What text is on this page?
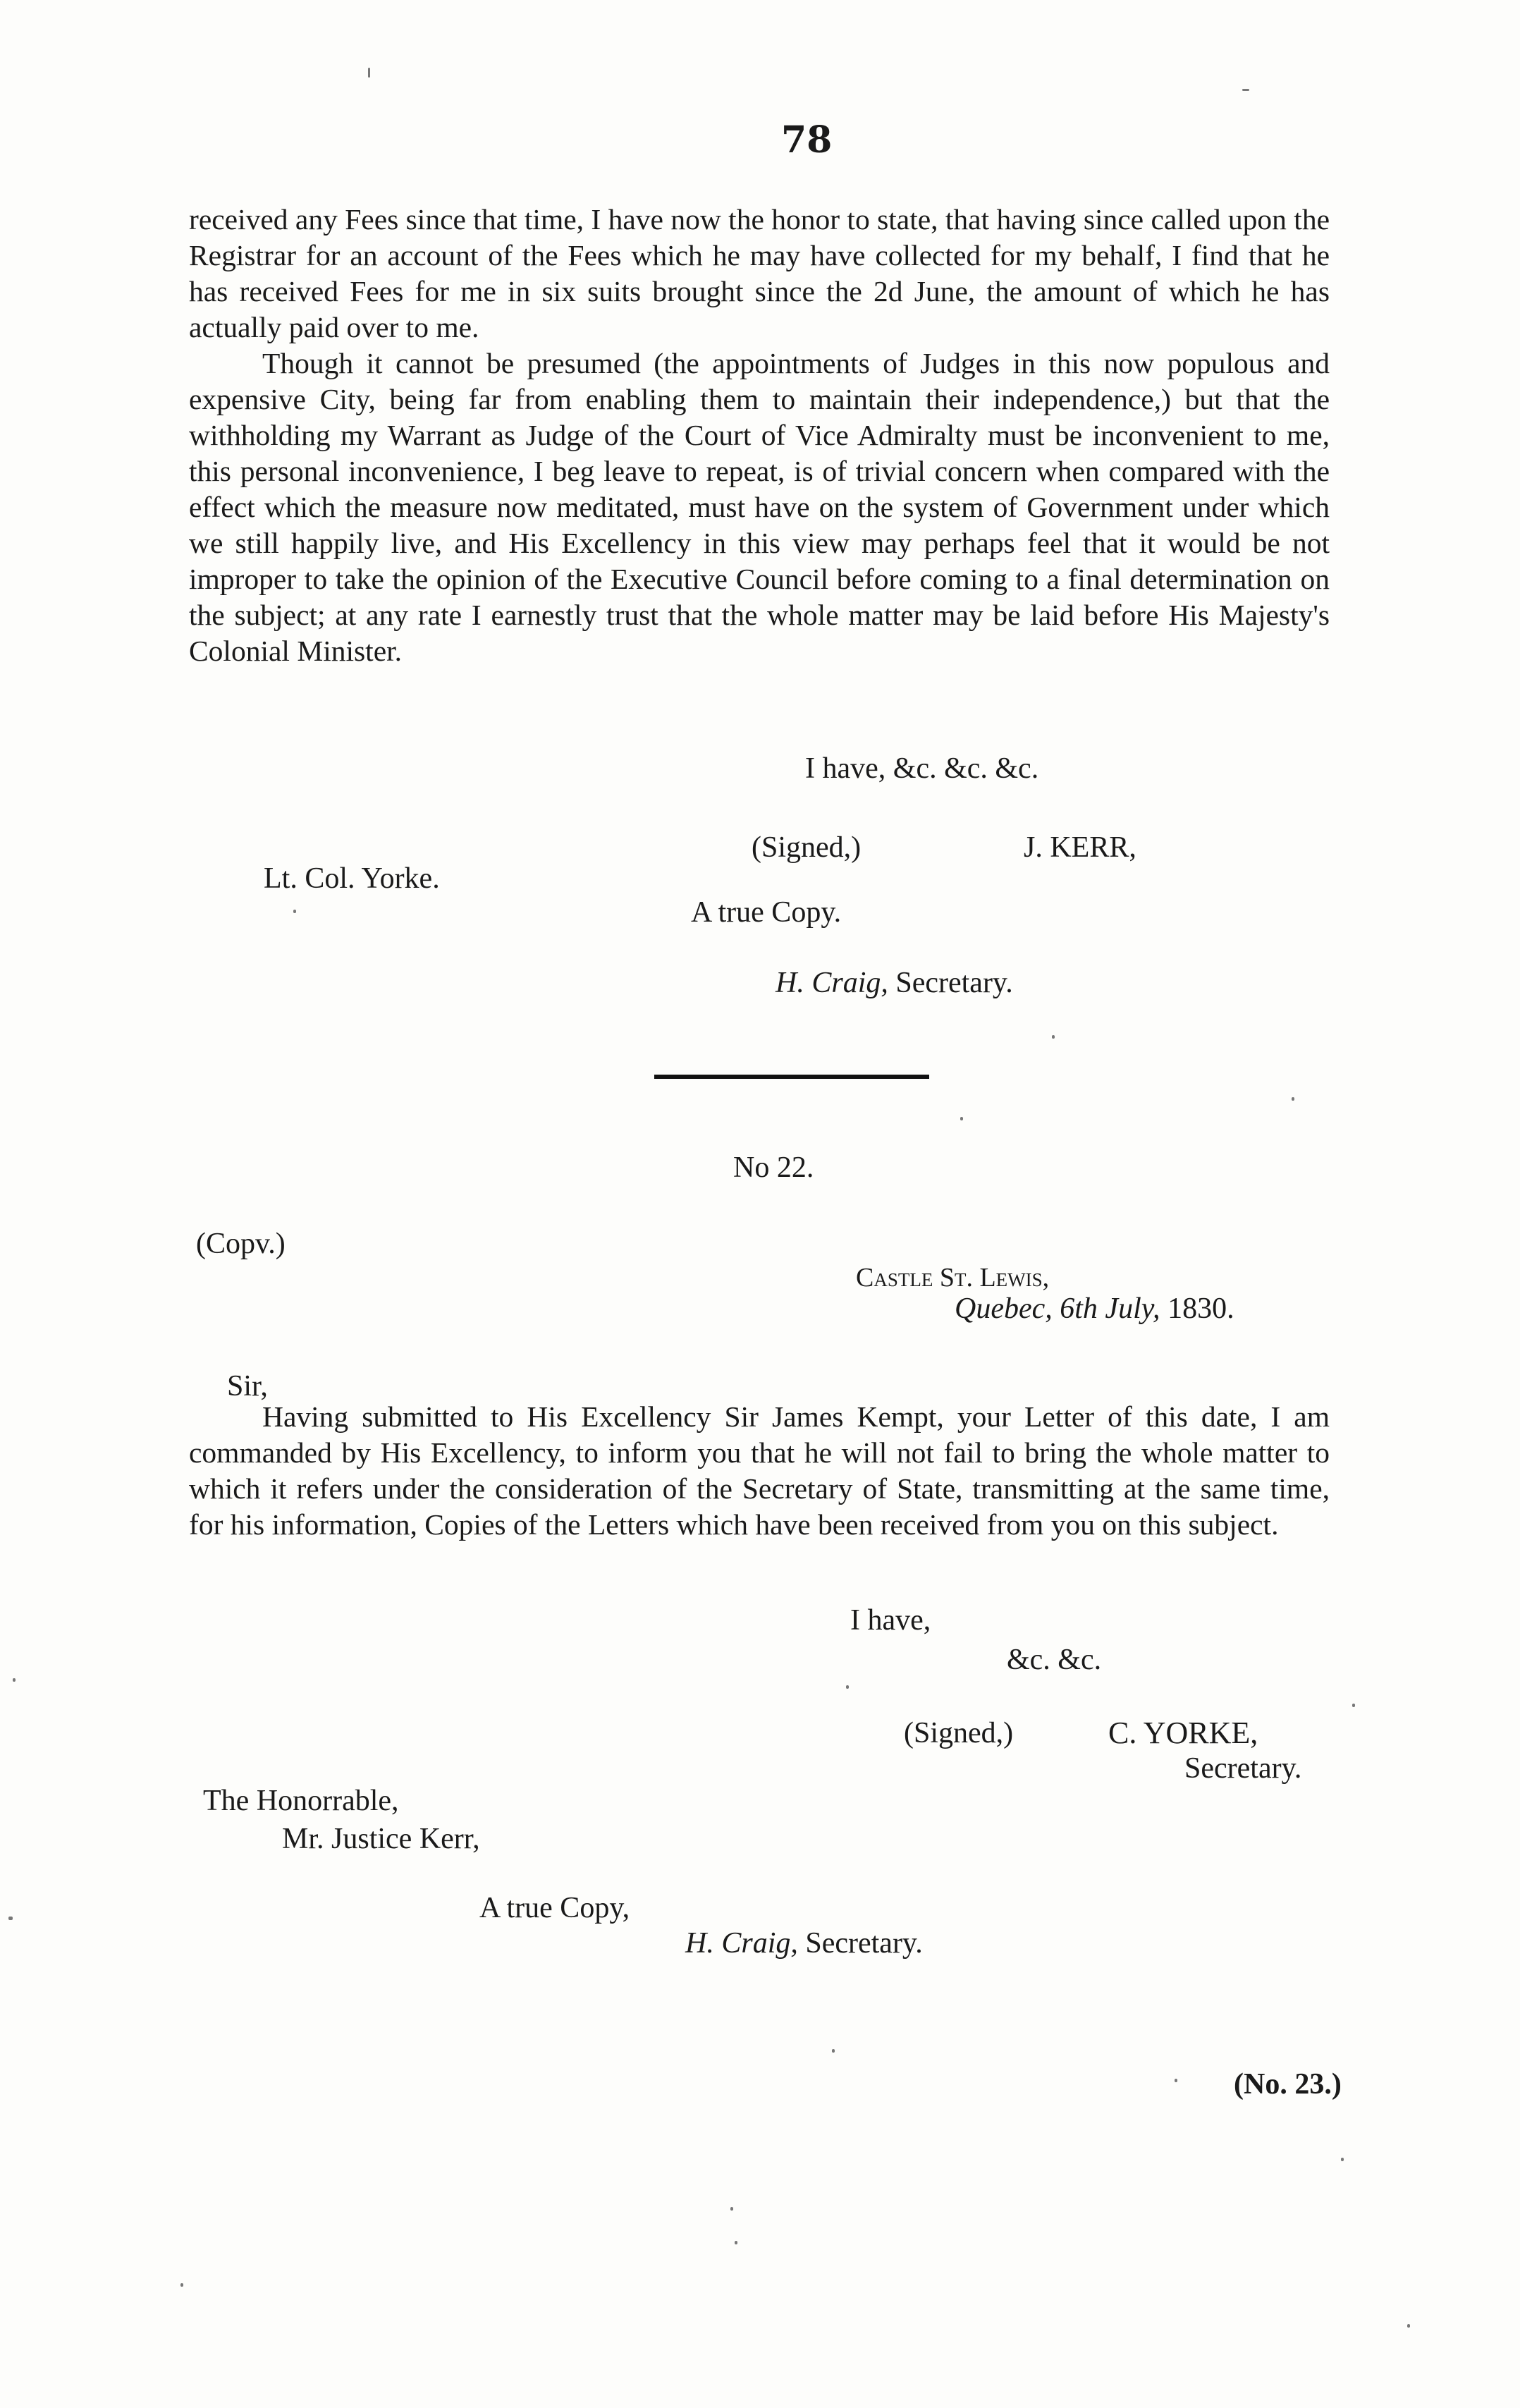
78

received any Fees since that time, I have now the honor to state, that having since called upon the Registrar for an account of the Fees which he may have collected for my behalf, I find that he has received Fees for me in six suits brought since the 2d June, the amount of which he has actually paid over to me.

Though it cannot be presumed (the appointments of Judges in this now populous and expensive City, being far from enabling them to maintain their independence,) but that the withholding my Warrant as Judge of the Court of Vice Admiralty must be inconvenient to me, this personal inconvenience, I beg leave to repeat, is of trivial concern when compared with the effect which the measure now meditated, must have on the system of Government under which we still happily live, and His Excellency in this view may perhaps feel that it would be not improper to take the opinion of the Executive Council before coming to a final determination on the subject; at any rate I earnestly trust that the whole matter may be laid before His Majesty's Colonial Minister.

I have, &c. &c. &c.
(Signed,)	J. KERR,
Lt. Col. Yorke.
A true Copy.
H. Craig, Secretary.
No 22.
(Copv.)
Castle St. Lewis,
Quebec, 6th July, 1830.
Sir,

Having submitted to His Excellency Sir James Kempt, your Letter of this date, I am commanded by His Excellency, to inform you that he will not fail to bring the whole matter to which it refers under the consideration of the Secretary of State, transmitting at the same time, for his information, Copies of the Letters which have been received from you on this subject.

I have,
&c. &c.
(Signed,)	C. YORKE,
Secretary.
The Honorrable,
Mr. Justice Kerr,
A true Copy,
H. Craig, Secretary.
(No. 23.)
